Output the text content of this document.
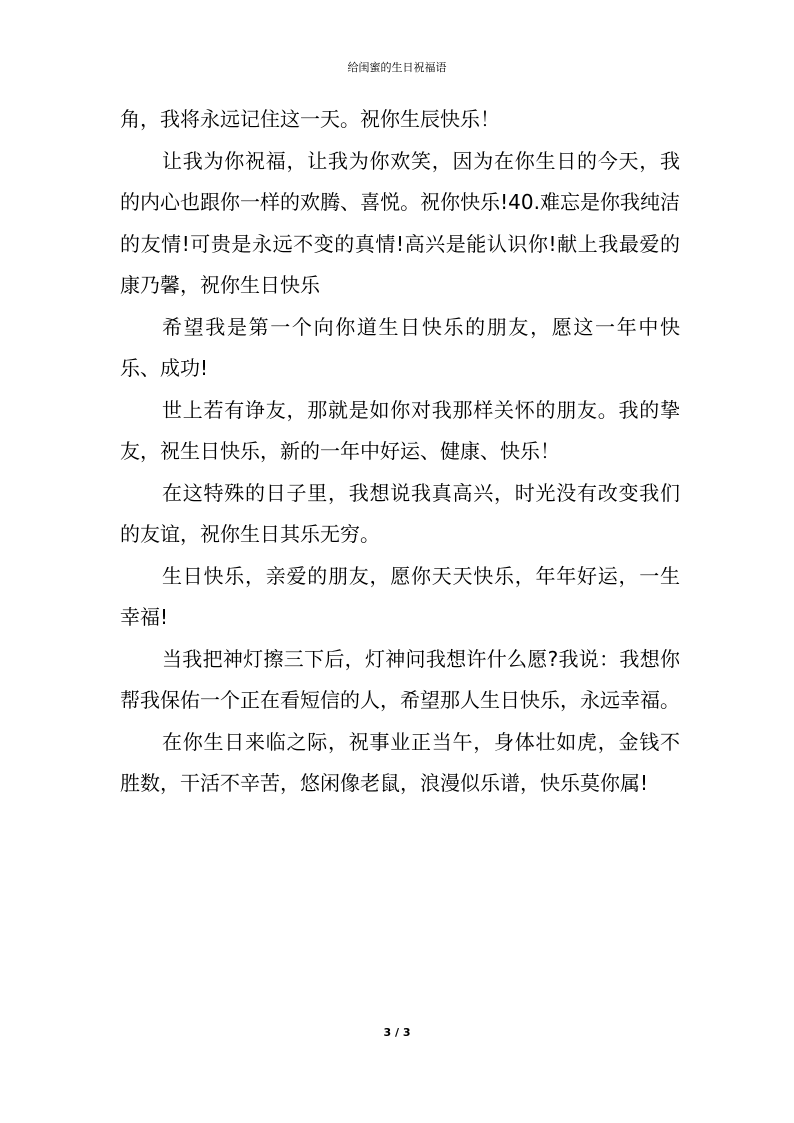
给闺蜜的生日祝福语

角，我将永远记住这一天。祝你生辰快乐！

让我为你祝福，让我为你欢笑，因为在你生日的今天，我的内心也跟你一样的欢腾、喜悦。祝你快乐!40.难忘是你我纯洁的友情!可贵是永远不变的真情!高兴是能认识你!献上我最爱的康乃馨，祝你生日快乐

希望我是第一个向你道生日快乐的朋友，愿这一年中快乐、成功!

世上若有诤友，那就是如你对我那样关怀的朋友。我的挚友，祝生日快乐，新的一年中好运、健康、快乐！

在这特殊的日子里，我想说我真高兴，时光没有改变我们的友谊，祝你生日其乐无穷。

生日快乐，亲爱的朋友，愿你天天快乐，年年好运，一生幸福!

当我把神灯擦三下后，灯神问我想许什么愿?我说：我想你帮我保佑一个正在看短信的人，希望那人生日快乐，永远幸福。

在你生日来临之际，祝事业正当午，身体壮如虎，金钱不胜数，干活不辛苦，悠闲像老鼠，浪漫似乐谱，快乐莫你属!

3 / 3
